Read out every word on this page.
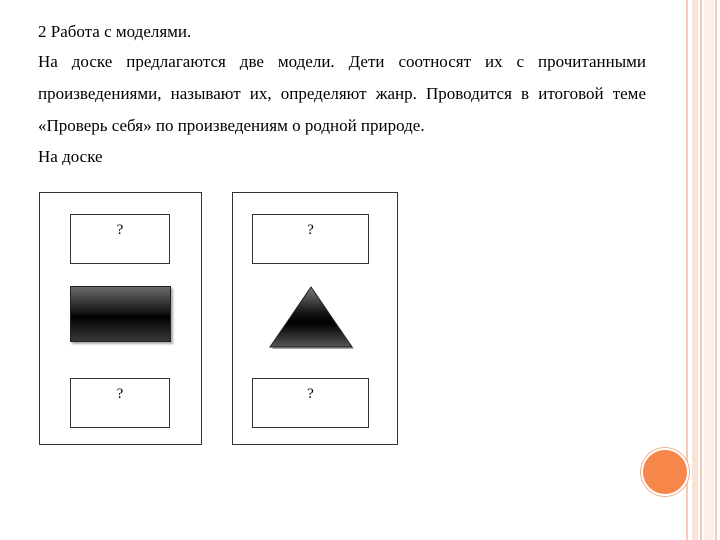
2 Работа с моделями.

На доске предлагаются две модели. Дети соотносят их с прочитанными произведениями, называют их, определяют жанр. Проводится в итоговой теме «Проверь себя» по произведениям о родной природе.

На доске

?
?
?
?
